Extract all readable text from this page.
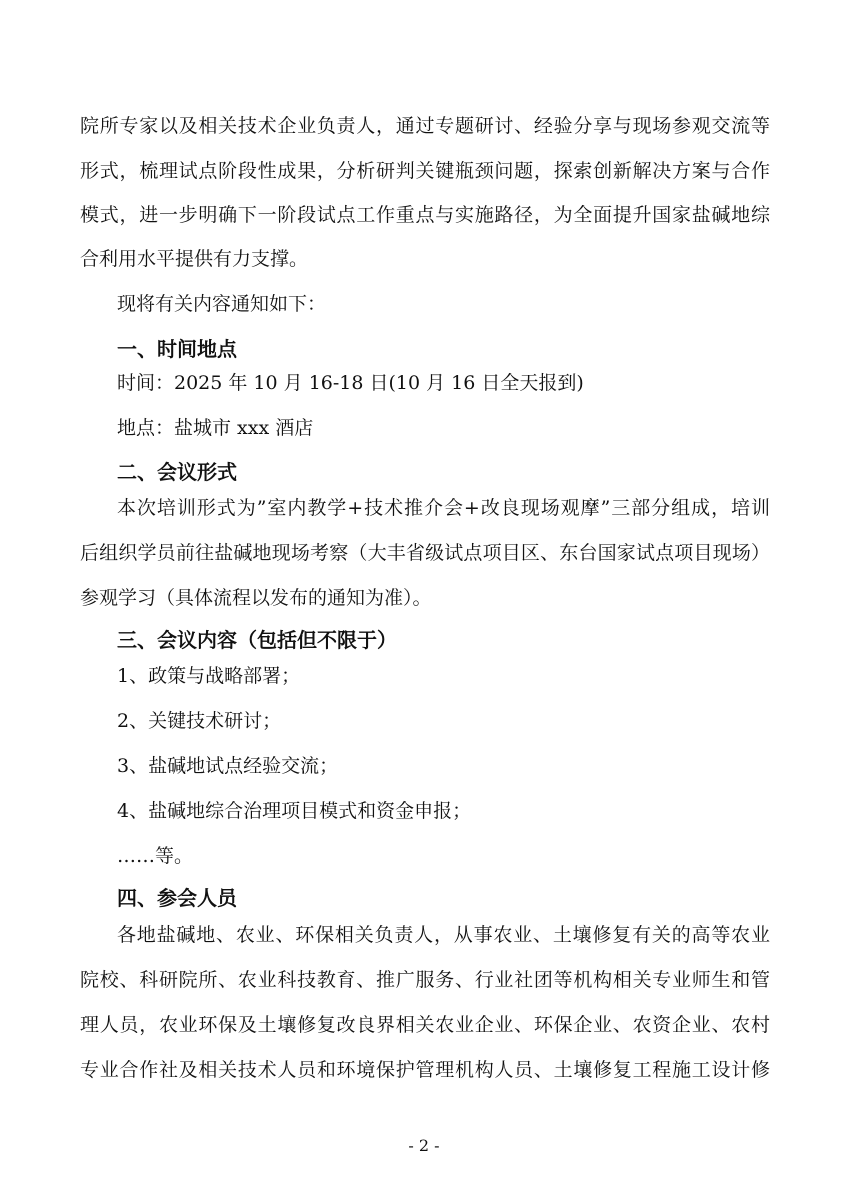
院所专家以及相关技术企业负责人，通过专题研讨、经验分享与现场参观交流等
形式，梳理试点阶段性成果，分析研判关键瓶颈问题，探索创新解决方案与合作
模式，进一步明确下一阶段试点工作重点与实施路径，为全面提升国家盐碱地综
合利用水平提供有力支撑。
现将有关内容通知如下：
一、时间地点
时间：2025 年 10 月 16-18 日(10 月 16 日全天报到)
地点：盐城市 xxx 酒店
二、会议形式
本次培训形式为”室内教学+技术推介会+改良现场观摩”三部分组成，培训
后组织学员前往盐碱地现场考察（大丰省级试点项目区、东台国家试点项目现场）
参观学习（具体流程以发布的通知为准）。
三、会议内容（包括但不限于）
1、政策与战略部署；
2、关键技术研讨；
3、盐碱地试点经验交流；
4、盐碱地综合治理项目模式和资金申报；
……等。
四、参会人员
各地盐碱地、农业、环保相关负责人，从事农业、土壤修复有关的高等农业
院校、科研院所、农业科技教育、推广服务、行业社团等机构相关专业师生和管
理人员，农业环保及土壤修复改良界相关农业企业、环保企业、农资企业、农村
专业合作社及相关技术人员和环境保护管理机构人员、土壤修复工程施工设计修
- 2 -
